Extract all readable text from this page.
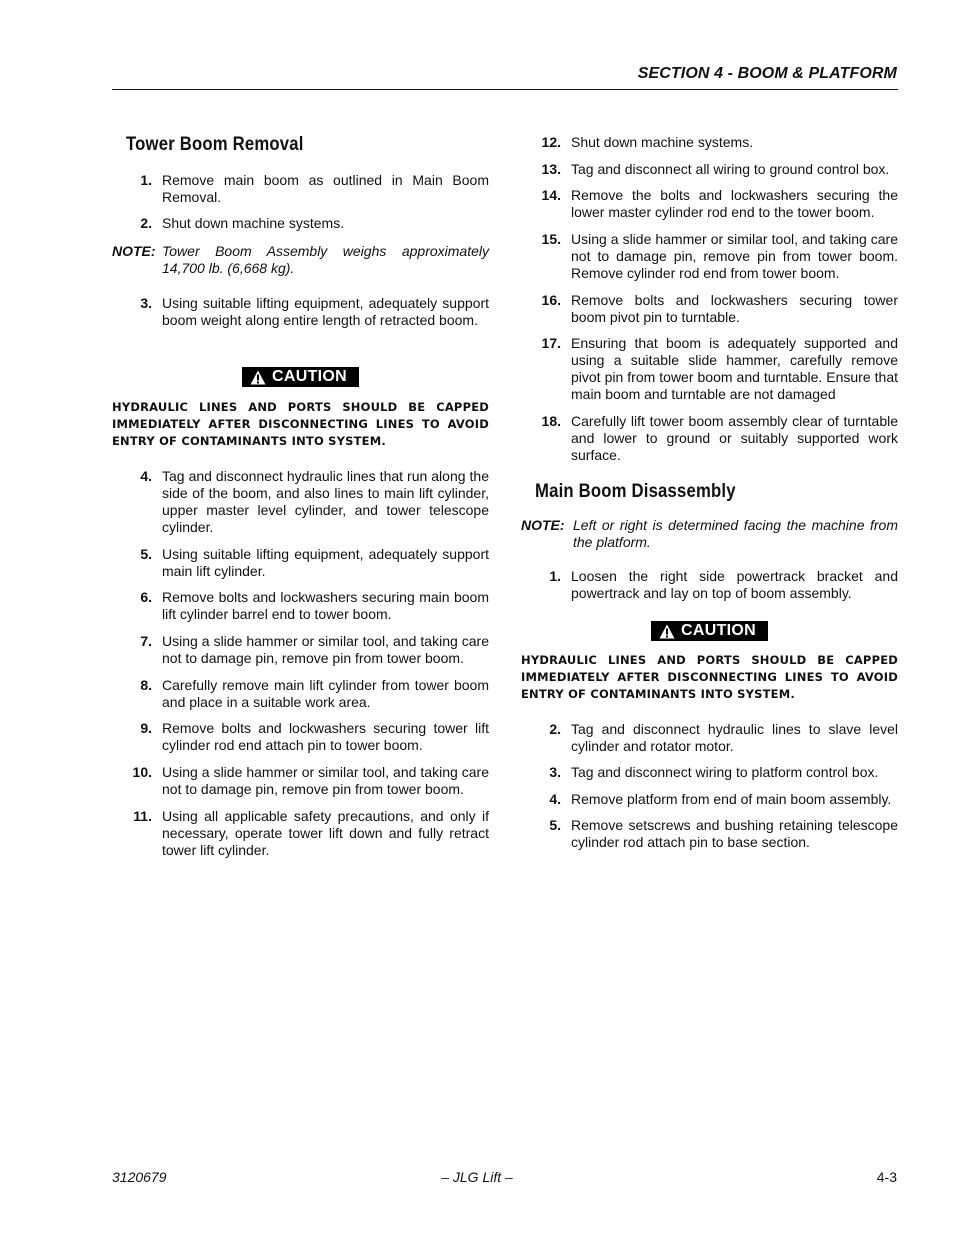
SECTION 4 - BOOM & PLATFORM
Tower Boom Removal
1. Remove main boom as outlined in Main Boom Removal.
2. Shut down machine systems.
NOTE: Tower Boom Assembly weighs approximately 14,700 lb. (6,668 kg).
3. Using suitable lifting equipment, adequately support boom weight along entire length of retracted boom.
CAUTION
HYDRAULIC LINES AND PORTS SHOULD BE CAPPED IMMEDIATELY AFTER DISCONNECTING LINES TO AVOID ENTRY OF CONTAMINANTS INTO SYSTEM.
4. Tag and disconnect hydraulic lines that run along the side of the boom, and also lines to main lift cylinder, upper master level cylinder, and tower telescope cylinder.
5. Using suitable lifting equipment, adequately support main lift cylinder.
6. Remove bolts and lockwashers securing main boom lift cylinder barrel end to tower boom.
7. Using a slide hammer or similar tool, and taking care not to damage pin, remove pin from tower boom.
8. Carefully remove main lift cylinder from tower boom and place in a suitable work area.
9. Remove bolts and lockwashers securing tower lift cylinder rod end attach pin to tower boom.
10. Using a slide hammer or similar tool, and taking care not to damage pin, remove pin from tower boom.
11. Using all applicable safety precautions, and only if necessary, operate tower lift down and fully retract tower lift cylinder.
12. Shut down machine systems.
13. Tag and disconnect all wiring to ground control box.
14. Remove the bolts and lockwashers securing the lower master cylinder rod end to the tower boom.
15. Using a slide hammer or similar tool, and taking care not to damage pin, remove pin from tower boom. Remove cylinder rod end from tower boom.
16. Remove bolts and lockwashers securing tower boom pivot pin to turntable.
17. Ensuring that boom is adequately supported and using a suitable slide hammer, carefully remove pivot pin from tower boom and turntable. Ensure that main boom and turntable are not damaged
18. Carefully lift tower boom assembly clear of turntable and lower to ground or suitably supported work surface.
Main Boom Disassembly
NOTE: Left or right is determined facing the machine from the platform.
1. Loosen the right side powertrack bracket and powertrack and lay on top of boom assembly.
CAUTION
HYDRAULIC LINES AND PORTS SHOULD BE CAPPED IMMEDIATELY AFTER DISCONNECTING LINES TO AVOID ENTRY OF CONTAMINANTS INTO SYSTEM.
2. Tag and disconnect hydraulic lines to slave level cylinder and rotator motor.
3. Tag and disconnect wiring to platform control box.
4. Remove platform from end of main boom assembly.
5. Remove setscrews and bushing retaining telescope cylinder rod attach pin to base section.
3120679	– JLG Lift –	4-3
